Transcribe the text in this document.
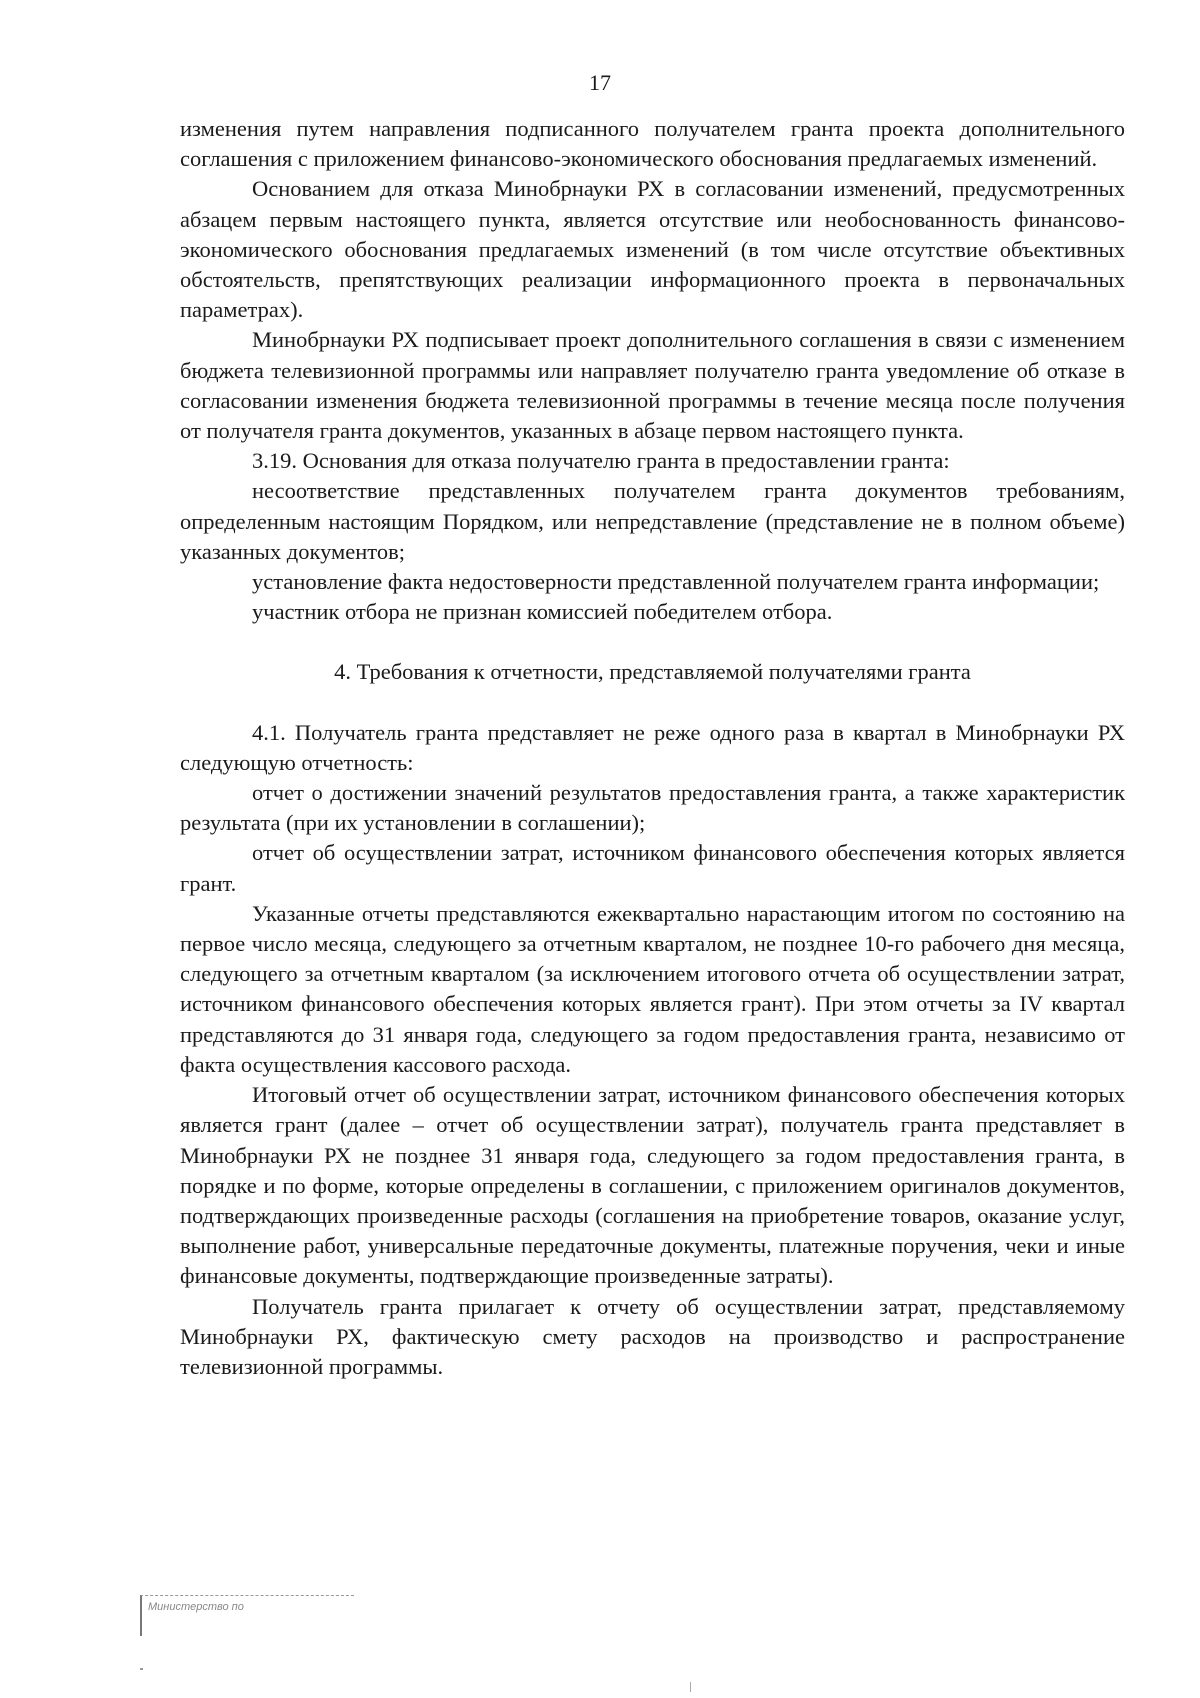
17

изменения путем направления подписанного получателем гранта проекта дополнительного соглашения с приложением финансово-экономического обоснования предлагаемых изменений.

Основанием для отказа Минобрнауки РХ в согласовании изменений, предусмотренных абзацем первым настоящего пункта, является отсутствие или необоснованность финансово-экономического обоснования предлагаемых изменений (в том числе отсутствие объективных обстоятельств, препятствующих реализации информационного проекта в первоначальных параметрах).

Минобрнауки РХ подписывает проект дополнительного соглашения в связи с изменением бюджета телевизионной программы или направляет получателю гранта уведомление об отказе в согласовании изменения бюджета телевизионной программы в течение месяца после получения от получателя гранта документов, указанных в абзаце первом настоящего пункта.

3.19. Основания для отказа получателю гранта в предоставлении гранта:

несоответствие представленных получателем гранта документов требованиям, определенным настоящим Порядком, или непредставление (представление не в полном объеме) указанных документов;

установление факта недостоверности представленной получателем гранта информации;

участник отбора не признан комиссией победителем отбора.

4. Требования к отчетности, представляемой получателями гранта

4.1. Получатель гранта представляет не реже одного раза в квартал в Минобрнауки РХ следующую отчетность:

отчет о достижении значений результатов предоставления гранта, а также характеристик результата (при их установлении в соглашении);

отчет об осуществлении затрат, источником финансового обеспечения которых является грант.

Указанные отчеты представляются ежеквартально нарастающим итогом по состоянию на первое число месяца, следующего за отчетным кварталом, не позднее 10-го рабочего дня месяца, следующего за отчетным кварталом (за исключением итогового отчета об осуществлении затрат, источником финансового обеспечения которых является грант). При этом отчеты за IV квартал представляются до 31 января года, следующего за годом предоставления гранта, независимо от факта осуществления кассового расхода.

Итоговый отчет об осуществлении затрат, источником финансового обеспечения которых является грант (далее – отчет об осуществлении затрат), получатель гранта представляет в Минобрнауки РХ не позднее 31 января года, следующего за годом предоставления гранта, в порядке и по форме, которые определены в соглашении, с приложением оригиналов документов, подтверждающих произведенные расходы (соглашения на приобретение товаров, оказание услуг, выполнение работ, универсальные передаточные документы, платежные поручения, чеки и иные финансовые документы, подтверждающие произведенные затраты).

Получатель гранта прилагает к отчету об осуществлении затрат, представляемому Минобрнауки РХ, фактическую смету расходов на производство и распространение телевизионной программы.

Министерство по
